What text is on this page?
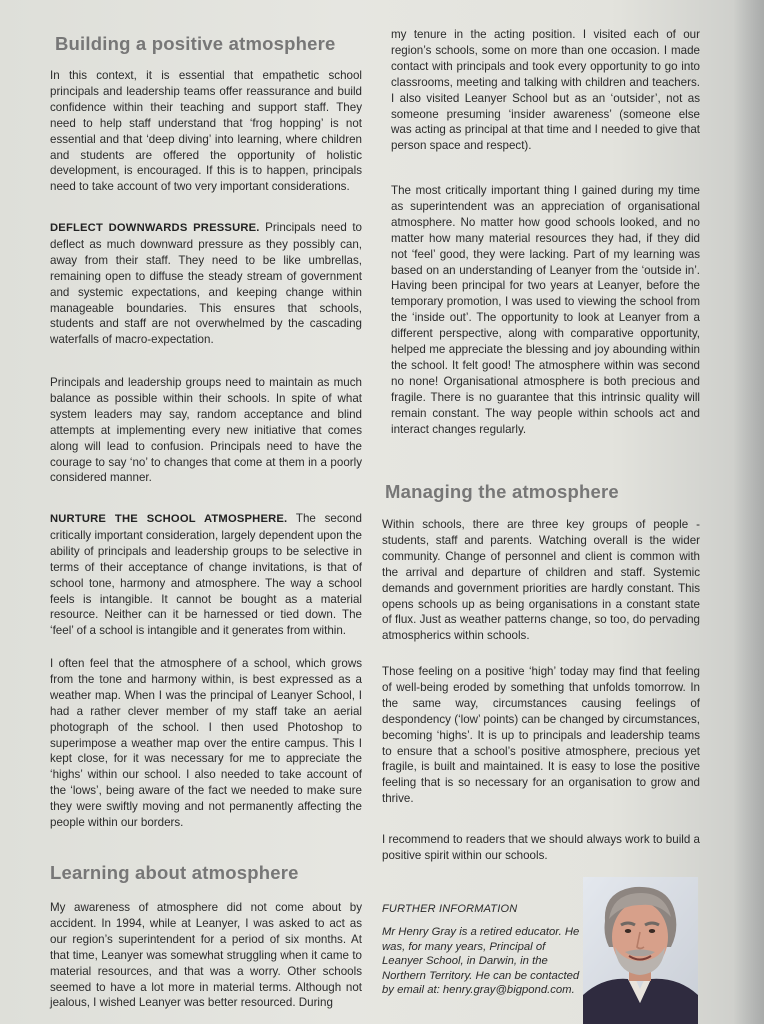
Building a positive atmosphere

In this context, it is essential that empathetic school principals and leadership teams offer reassurance and build confidence within their teaching and support staff. They need to help staff understand that ‘frog hopping’ is not essential and that ‘deep diving’ into learning, where children and students are offered the opportunity of holistic development, is encouraged. If this is to happen, principals need to take account of two very important considerations.

DEFLECT DOWNWARDS PRESSURE. Principals need to deflect as much downward pressure as they possibly can, away from their staff. They need to be like umbrellas, remaining open to diffuse the steady stream of government and systemic expectations, and keeping change within manageable boundaries. This ensures that schools, students and staff are not overwhelmed by the cascading waterfalls of macro-expectation.

Principals and leadership groups need to maintain as much balance as possible within their schools. In spite of what system leaders may say, random acceptance and blind attempts at implementing every new initiative that comes along will lead to confusion. Principals need to have the courage to say ‘no’ to changes that come at them in a poorly considered manner.

NURTURE THE SCHOOL ATMOSPHERE. The second critically important consideration, largely dependent upon the ability of principals and leadership groups to be selective in terms of their acceptance of change invitations, is that of school tone, harmony and atmosphere. The way a school feels is intangible. It cannot be bought as a material resource. Neither can it be harnessed or tied down. The ‘feel’ of a school is intangible and it generates from within.

I often feel that the atmosphere of a school, which grows from the tone and harmony within, is best expressed as a weather map. When I was the principal of Leanyer School, I had a rather clever member of my staff take an aerial photograph of the school. I then used Photoshop to superimpose a weather map over the entire campus. This I kept close, for it was necessary for me to appreciate the ‘highs’ within our school. I also needed to take account of the ‘lows’, being aware of the fact we needed to make sure they were swiftly moving and not permanently affecting the people within our borders.

Learning about atmosphere

My awareness of atmosphere did not come about by accident. In 1994, while at Leanyer, I was asked to act as our region’s superintendent for a period of six months. At that time, Leanyer was somewhat struggling when it came to material resources, and that was a worry. Other schools seemed to have a lot more in material terms. Although not jealous, I wished Leanyer was better resourced. During

my tenure in the acting position. I visited each of our region’s schools, some on more than one occasion. I made contact with principals and took every opportunity to go into classrooms, meeting and talking with children and teachers. I also visited Leanyer School but as an ‘outsider’, not as someone presuming ‘insider awareness’ (someone else was acting as principal at that time and I needed to give that person space and respect).

The most critically important thing I gained during my time as superintendent was an appreciation of organisational atmosphere. No matter how good schools looked, and no matter how many material resources they had, if they did not ‘feel’ good, they were lacking. Part of my learning was based on an understanding of Leanyer from the ‘outside in’. Having been principal for two years at Leanyer, before the temporary promotion, I was used to viewing the school from the ‘inside out’. The opportunity to look at Leanyer from a different perspective, along with comparative opportunity, helped me appreciate the blessing and joy abounding within the school. It felt good! The atmosphere within was second no none! Organisational atmosphere is both precious and fragile. There is no guarantee that this intrinsic quality will remain constant. The way people within schools act and interact changes regularly.

Managing the atmosphere

Within schools, there are three key groups of people - students, staff and parents. Watching overall is the wider community. Change of personnel and client is common with the arrival and departure of children and staff. Systemic demands and government priorities are hardly constant. This opens schools up as being organisations in a constant state of flux. Just as weather patterns change, so too, do pervading atmospherics within schools.

Those feeling on a positive ‘high’ today may find that feeling of well-being eroded by something that unfolds tomorrow. In the same way, circumstances causing feelings of despondency (‘low’ points) can be changed by circumstances, becoming ‘highs’. It is up to principals and leadership teams to ensure that a school’s positive atmosphere, precious yet fragile, is built and maintained. It is easy to lose the positive feeling that is so necessary for an organisation to grow and thrive.

I recommend to readers that we should always work to build a positive spirit within our schools.

FURTHER INFORMATION

Mr Henry Gray is a retired educator. He was, for many years, Principal of Leanyer School, in Darwin, in the Northern Territory. He can be contacted by email at: henry.gray@bigpond.com.
